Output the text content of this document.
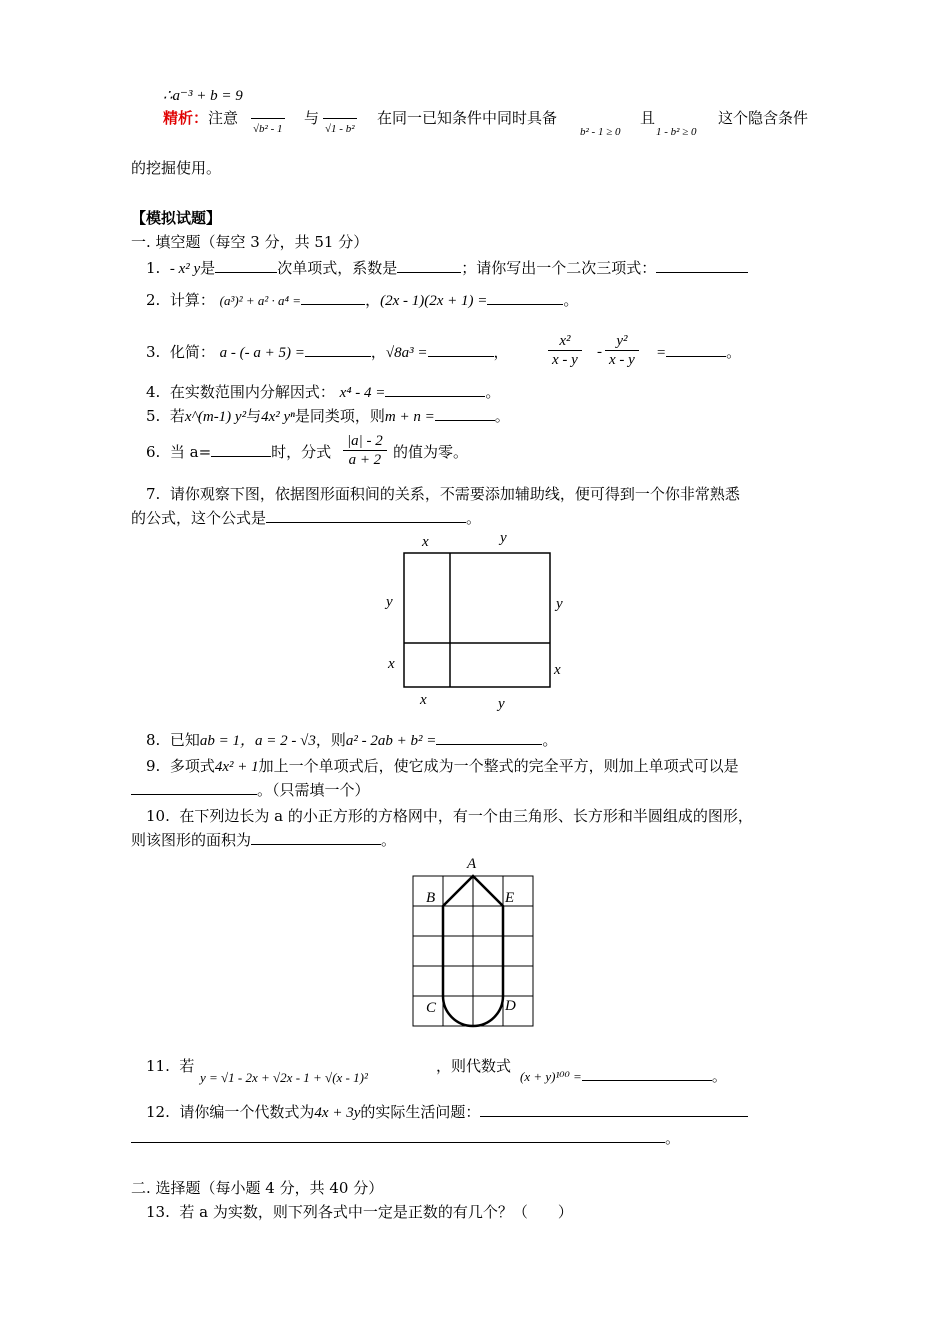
∴a⁻³ + b = 9
精析：注意
√b² - 1
与
√1 - b²
在同一已知条件中同时具备
b² - 1 ≥ 0
且
1 - b² ≥ 0
这个隐含条件
的挖掘使用。
【模拟试题】
一. 填空题（每空 3 分，共 51 分）
1. - x² y是	次单项式，系数是	；请你写出一个二次三项式：
2. 计算： (a³)² + a² · a⁴ =	，(2x - 1)(2x + 1) =	。
3. 化简： a - (- a + 5) =	，√8a³ =	，	$\frac{\text{x²}}{x - y} - \frac{\text{y²}}{x - y}$ =	。
4. 在实数范围内分解因式： x⁴ - 4 =	。
5. 若x^(m-1) y²与4x² yⁿ是同类项，则m + n =	。
6. 当 a=	时，分式 $\frac{|a| - 2}{a + 2}$ 的值为零。
7. 请你观察下图，依据图形面积间的关系，不需要添加辅助线，便可得到一个你非常熟悉
的公式，这个公式是	。
x	y
y
x
y
x
x	y
8. 已知ab = 1，a = 2 - √3，则a² - 2ab + b² =	。
9. 多项式4x² + 1加上一个单项式后，使它成为一个整式的完全平方，则加上单项式可以是
。（只需填一个）
10. 在下列边长为 a 的小正方形的方格网中，有一个由三角形、长方形和半圆组成的图形，
则该图形的面积为	。
A
B	E
C	D
11. 若
y = √1 - 2x + √2x - 1 + √(x - 1)²
，则代数式
(x + y)¹⁰⁰ =	。
12. 请你编一个代数式为4x + 3y的实际生活问题：
。
二. 选择题（每小题 4 分，共 40 分）
13. 若 a 为实数，则下列各式中一定是正数的有几个？（　　）
